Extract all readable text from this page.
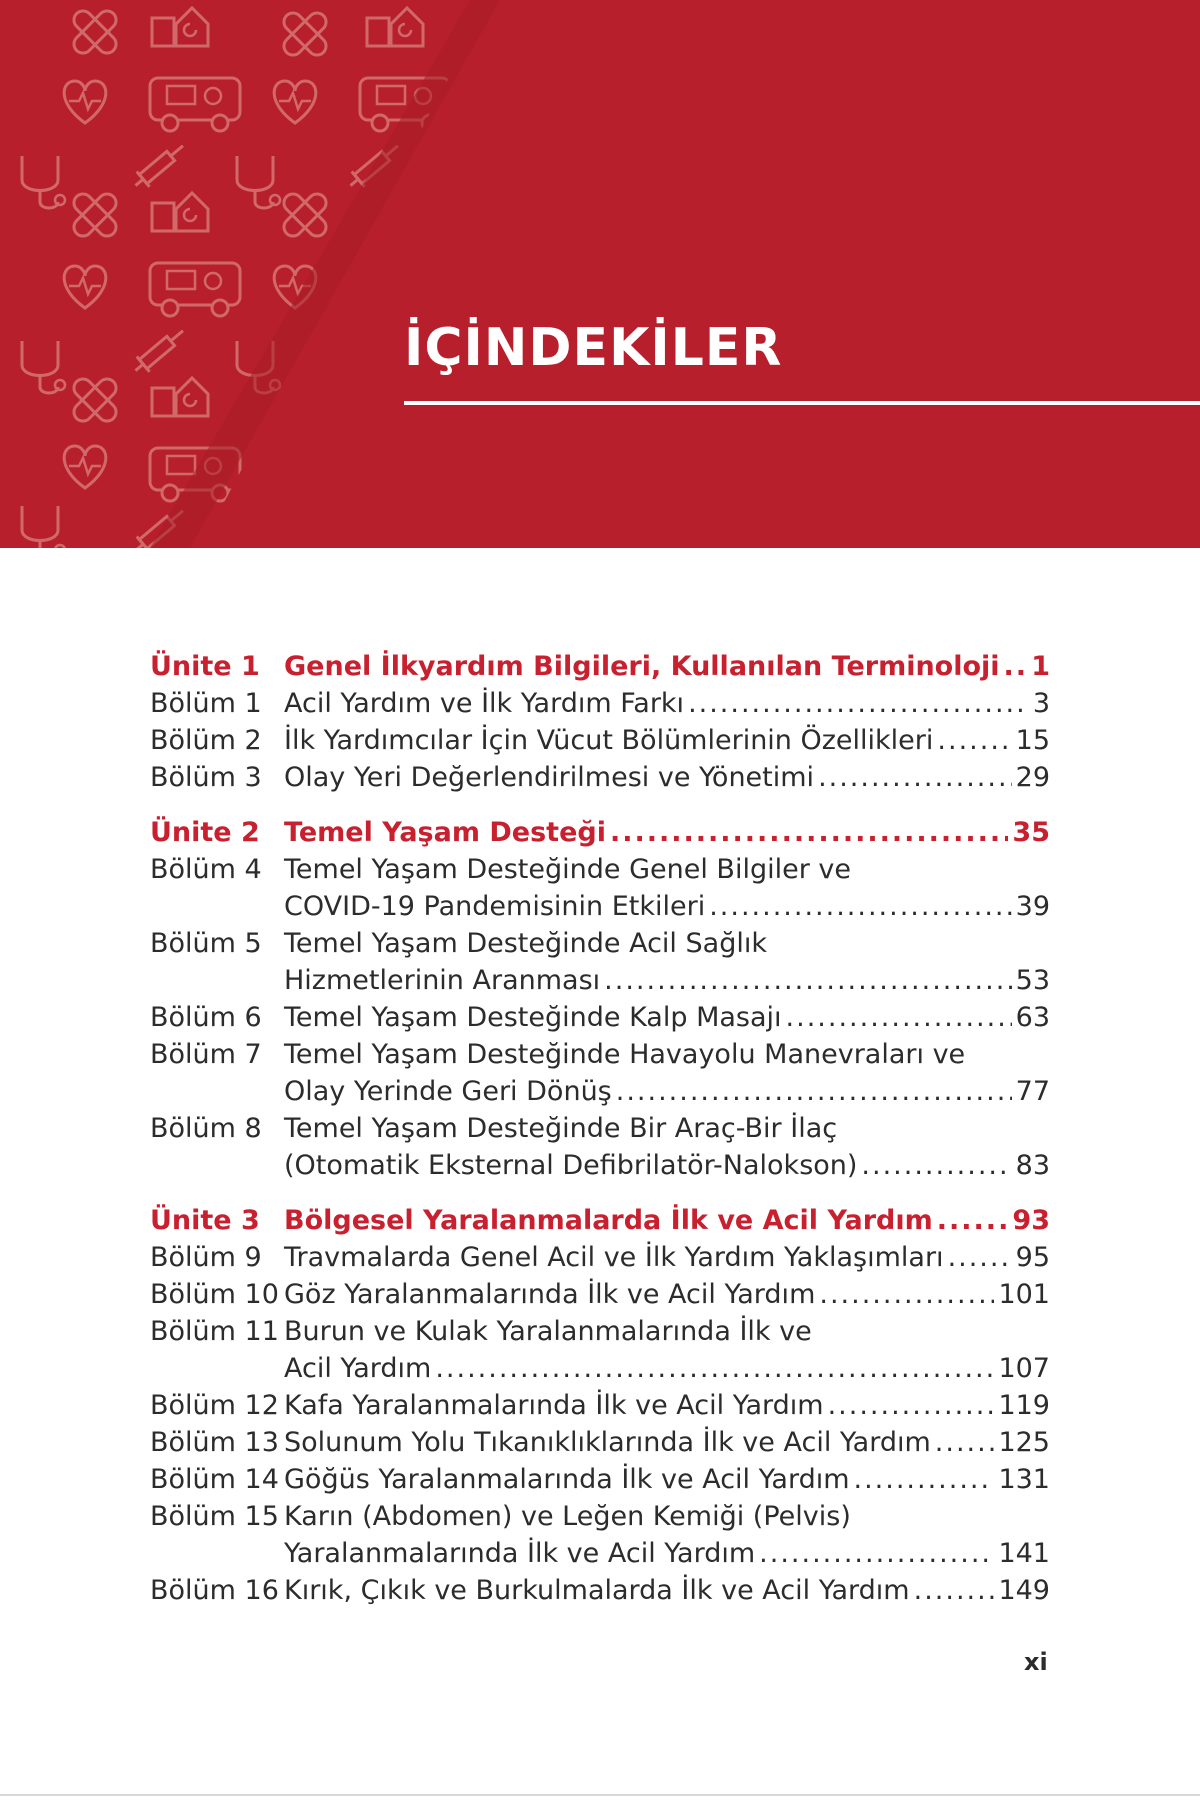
İÇİNDEKİLER
Ünite 1 Genel İlkyardım Bilgileri, Kullanılan Terminoloji ..... 1
Bölüm 1 Acil Yardım ve İlk Yardım Farkı .....	3
Bölüm 2 İlk Yardımcılar İçin Vücut Bölümlerinin Özellikleri .....	15
Bölüm 3 Olay Yeri Değerlendirilmesi ve Yönetimi .....	29
Ünite 2 Temel Yaşam Desteği .....	35
Bölüm 4 Temel Yaşam Desteğinde Genel Bilgiler ve
COVID-19 Pandemisinin Etkileri .....	39
Bölüm 5 Temel Yaşam Desteğinde Acil Sağlık
Hizmetlerinin Aranması .....	53
Bölüm 6 Temel Yaşam Desteğinde Kalp Masajı .....	63
Bölüm 7 Temel Yaşam Desteğinde Havayolu Manevraları ve
Olay Yerinde Geri Dönüş .....	77
Bölüm 8 Temel Yaşam Desteğinde Bir Araç-Bir İlaç
(Otomatik Eksternal Defibrilatör-Nalokson) .....	83
Ünite 3 Bölgesel Yaralanmalarda İlk ve Acil Yardım .....	93
Bölüm 9 Travmalarda Genel Acil ve İlk Yardım Yaklaşımları .....	95
Bölüm 10 Göz Yaralanmalarında İlk ve Acil Yardım .....	101
Bölüm 11 Burun ve Kulak Yaralanmalarında İlk ve
Acil Yardım .....	107
Bölüm 12 Kafa Yaralanmalarında İlk ve Acil Yardım .....	119
Bölüm 13 Solunum Yolu Tıkanıklıklarında İlk ve Acil Yardım .....	125
Bölüm 14 Göğüs Yaralanmalarında İlk ve Acil Yardım .....	131
Bölüm 15 Karın (Abdomen) ve Leğen Kemiği (Pelvis)
Yaralanmalarında İlk ve Acil Yardım .....	141
Bölüm 16 Kırık, Çıkık ve Burkulmalarda İlk ve Acil Yardım .....	149
xi
